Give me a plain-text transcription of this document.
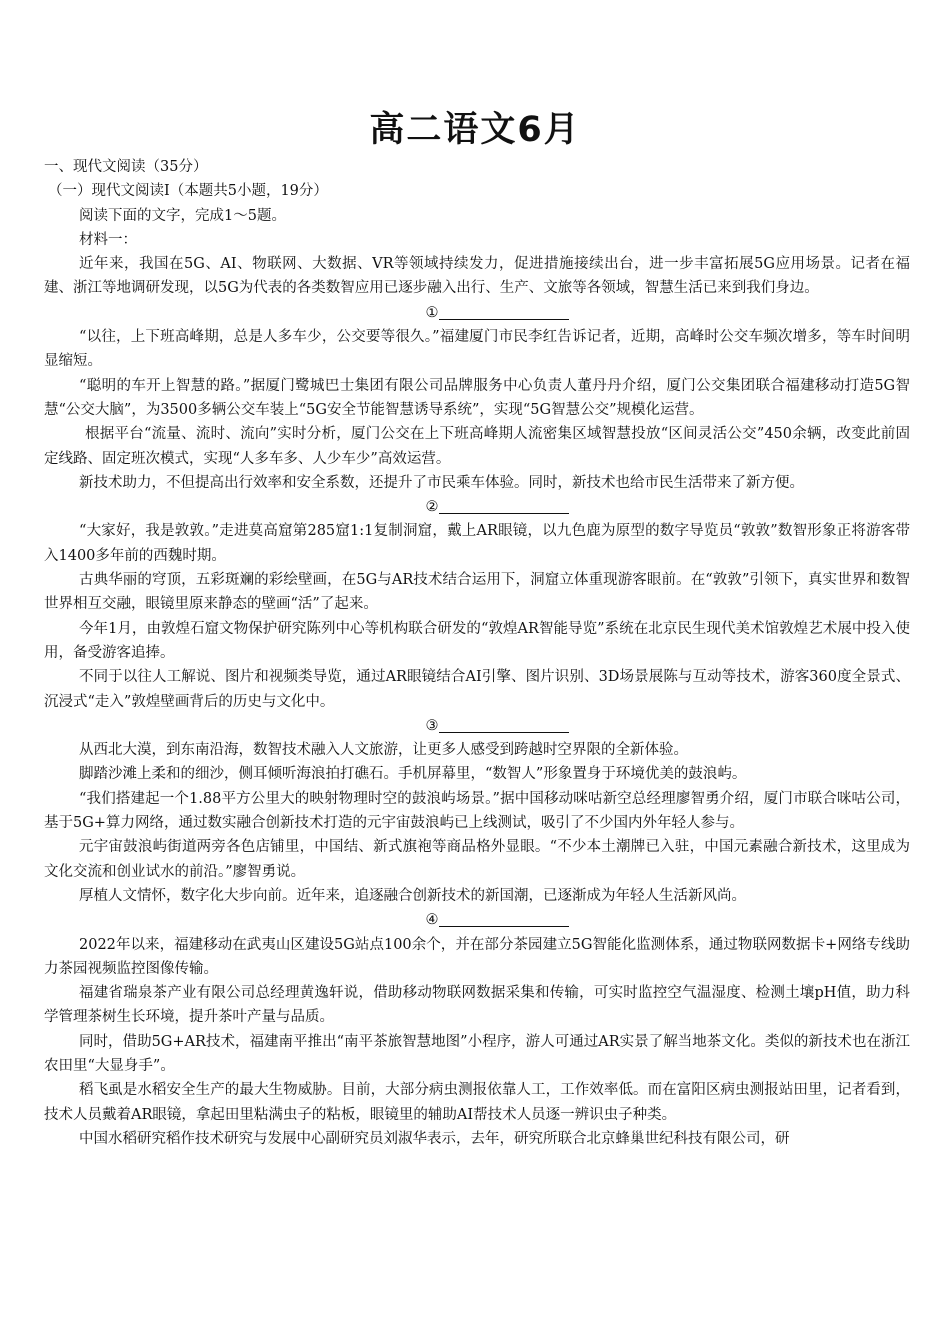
高二语文6月

一、现代文阅读（35分）

（一）现代文阅读Ⅰ（本题共5小题，19分）

阅读下面的文字，完成1～5题。

材料一：

近年来，我国在5G、AI、物联网、大数据、VR等领域持续发力，促进措施接续出台，进一步丰富拓展5G应用场景。记者在福建、浙江等地调研发现，以5G为代表的各类数智应用已逐步融入出行、生产、文旅等各领域，智慧生活已来到我们身边。

①

“以往，上下班高峰期，总是人多车少，公交要等很久。”福建厦门市民李红告诉记者，近期，高峰时公交车频次增多，等车时间明显缩短。

“聪明的车开上智慧的路。”据厦门鹭城巴士集团有限公司品牌服务中心负责人董丹丹介绍，厦门公交集团联合福建移动打造5G智慧“公交大脑”，为3500多辆公交车装上“5G安全节能智慧诱导系统”，实现“5G智慧公交”规模化运营。

根据平台“流量、流时、流向”实时分析，厦门公交在上下班高峰期人流密集区域智慧投放“区间灵活公交”450余辆，改变此前固定线路、固定班次模式，实现“人多车多、人少车少”高效运营。

新技术助力，不但提高出行效率和安全系数，还提升了市民乘车体验。同时，新技术也给市民生活带来了新方便。

②

“大家好，我是敦敦。”走进莫高窟第285窟1:1复制洞窟，戴上AR眼镜，以九色鹿为原型的数字导览员“敦敦”数智形象正将游客带入1400多年前的西魏时期。

古典华丽的穹顶，五彩斑斓的彩绘壁画，在5G与AR技术结合运用下，洞窟立体重现游客眼前。在“敦敦”引领下，真实世界和数智世界相互交融，眼镜里原来静态的壁画“活”了起来。

今年1月，由敦煌石窟文物保护研究陈列中心等机构联合研发的“敦煌AR智能导览”系统在北京民生现代美术馆敦煌艺术展中投入使用，备受游客追捧。

不同于以往人工解说、图片和视频类导览，通过AR眼镜结合AI引擎、图片识别、3D场景展陈与互动等技术，游客360度全景式、沉浸式“走入”敦煌壁画背后的历史与文化中。

③

从西北大漠，到东南沿海，数智技术融入人文旅游，让更多人感受到跨越时空界限的全新体验。

脚踏沙滩上柔和的细沙，侧耳倾听海浪拍打礁石。手机屏幕里，“数智人”形象置身于环境优美的鼓浪屿。

“我们搭建起一个1.88平方公里大的映射物理时空的鼓浪屿场景。”据中国移动咪咕新空总经理廖智勇介绍，厦门市联合咪咕公司，基于5G+算力网络，通过数实融合创新技术打造的元宇宙鼓浪屿已上线测试，吸引了不少国内外年轻人参与。

元宇宙鼓浪屿街道两旁各色店铺里，中国结、新式旗袍等商品格外显眼。“不少本土潮牌已入驻，中国元素融合新技术，这里成为文化交流和创业试水的前沿。”廖智勇说。

厚植人文情怀，数字化大步向前。近年来，追逐融合创新技术的新国潮，已逐渐成为年轻人生活新风尚。

④

2022年以来，福建移动在武夷山区建设5G站点100余个，并在部分茶园建立5G智能化监测体系，通过物联网数据卡+网络专线助力茶园视频监控图像传输。

福建省瑞泉茶产业有限公司总经理黄逸轩说，借助移动物联网数据采集和传输，可实时监控空气温湿度、检测土壤pH值，助力科学管理茶树生长环境，提升茶叶产量与品质。

同时，借助5G+AR技术，福建南平推出“南平茶旅智慧地图”小程序，游人可通过AR实景了解当地茶文化。类似的新技术也在浙江农田里“大显身手”。

稻飞虱是水稻安全生产的最大生物威胁。目前，大部分病虫测报依靠人工，工作效率低。而在富阳区病虫测报站田里，记者看到，技术人员戴着AR眼镜，拿起田里粘满虫子的粘板，眼镜里的辅助AI帮技术人员逐一辨识虫子种类。

中国水稻研究稻作技术研究与发展中心副研究员刘淑华表示，去年，研究所联合北京蜂巢世纪科技有限公司，研
